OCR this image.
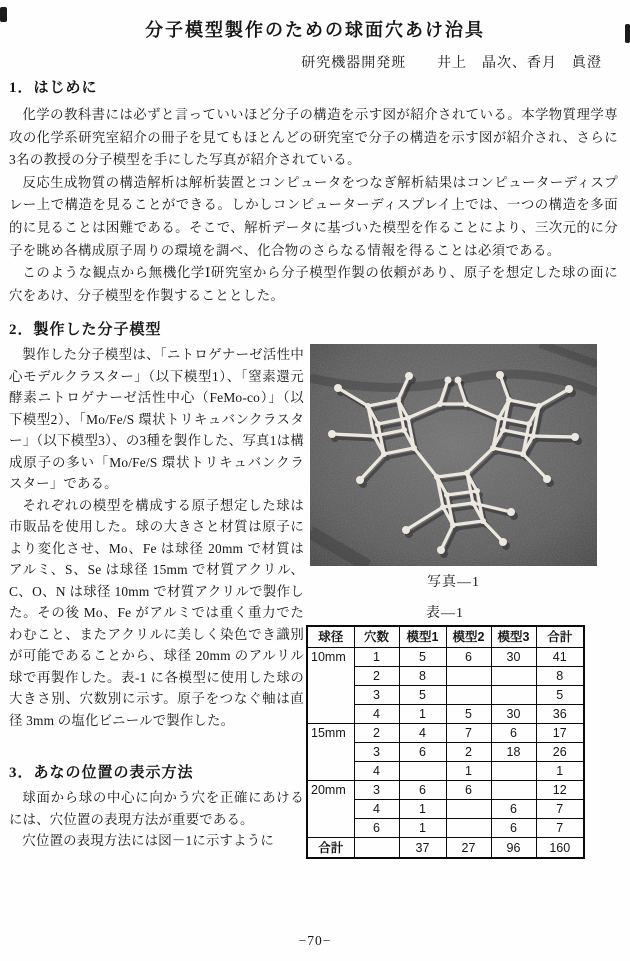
分子模型製作のための球面穴あけ治具
研究機器開発班 井上　晶次、香月　眞澄
1．はじめに

化学の教科書には必ずと言っていいほど分子の構造を示す図が紹介されている。本学物質理学専攻の化学系研究室紹介の冊子を見てもほとんどの研究室で分子の構造を示す図が紹介され、さらに3名の教授の分子模型を手にした写真が紹介されている。

反応生成物質の構造解析は解析装置とコンピュータをつなぎ解析結果はコンピューターディスプレー上で構造を見ることができる。しかしコンピューターディスプレイ上では、一つの構造を多面的に見ることは困難である。そこで、解析データに基づいた模型を作ることにより、三次元的に分子を眺め各構成原子周りの環境を調べ、化合物のさらなる情報を得ることは必須である。

このような観点から無機化学Ⅰ研究室から分子模型作製の依頼があり、原子を想定した球の面に穴をあけ、分子模型を作製することとした。

2．製作した分子模型

製作した分子模型は、「ニトロゲナーゼ活性中心モデルクラスター」（以下模型1）、「窒素還元酵素ニトロゲナーゼ活性中心（FeMo-co）」（以下模型2）、「Mo/Fe/S 環状トリキュバンクラスター」（以下模型3）、の3種を製作した、写真1は構成原子の多い「Mo/Fe/S 環状トリキュバンクラスター」である。

それぞれの模型を構成する原子想定した球は市販品を使用した。球の大きさと材質は原子により変化させ、Mo、Fe は球径 20mm で材質はアルミ、S、Se は球径 15mm で材質アクリル、C、O、N は球径 10mm で材質アクリルで製作した。その後 Mo、Fe がアルミでは重く重力でたわむこと、またアクリルに美しく染色でき識別が可能であることから、球径 20mm のアルリル球で再製作した。表-1 に各模型に使用した球の大きさ別、穴数別に示す。原子をつなぐ軸は直径 3mm の塩化ビニールで製作した。

3．あなの位置の表示方法

球面から球の中心に向かう穴を正確にあけるには、穴位置の表現方法が重要である。

穴位置の表現方法には図－1に示すように

写真―1
表―1
球径	穴数	模型1	模型2	模型3	合計
10mm	1	5	6	30	41
	2	8			8
	3	5			5
	4	1	5	30	36
15mm	2	4	7	6	17
	3	6	2	18	26
	4		1		1
20mm	3	6	6		12
	4	1		6	7
	6	1		6	7
合計		37	27	96	160
−70−
